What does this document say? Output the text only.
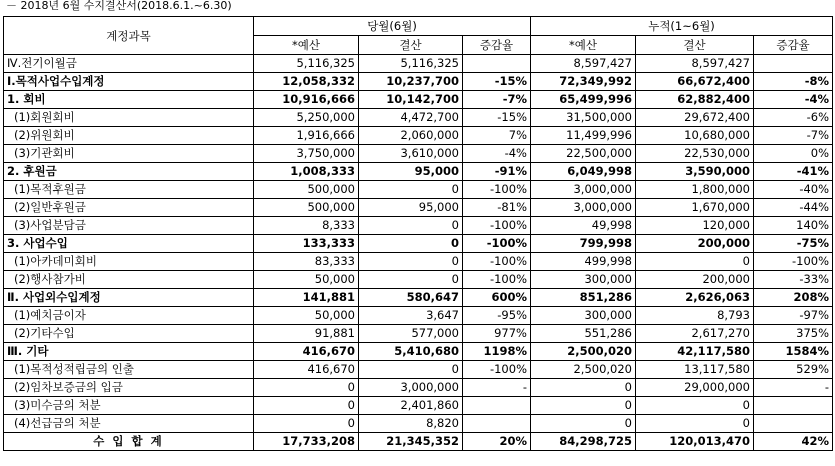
－ 2018년 6월 수지결산서(2018.6.1.~6.30)
계정과목	당월(6월)			누적(1~6월)		
	*예산	결산	증감율	*예산	결산	증감율
Ⅳ.전기이월금	5,116,325	5,116,325		8,597,427	8,597,427	
Ⅰ.목적사업수입계정	12,058,332	10,237,700	-15%	72,349,992	66,672,400	-8%
1. 회비	10,916,666	10,142,700	-7%	65,499,996	62,882,400	-4%
(1)회원회비	5,250,000	4,472,700	-15%	31,500,000	29,672,400	-6%
(2)위원회비	1,916,666	2,060,000	7%	11,499,996	10,680,000	-7%
(3)기관회비	3,750,000	3,610,000	-4%	22,500,000	22,530,000	0%
2. 후원금	1,008,333	95,000	-91%	6,049,998	3,590,000	-41%
(1)목적후원금	500,000	0	-100%	3,000,000	1,800,000	-40%
(2)일반후원금	500,000	95,000	-81%	3,000,000	1,670,000	-44%
(3)사업분담금	8,333	0	-100%	49,998	120,000	140%
3. 사업수입	133,333	0	-100%	799,998	200,000	-75%
(1)아카데미회비	83,333	0	-100%	499,998	0	-100%
(2)행사참가비	50,000	0	-100%	300,000	200,000	-33%
Ⅱ. 사업외수입계정	141,881	580,647	600%	851,286	2,626,063	208%
(1)예치금이자	50,000	3,647	-95%	300,000	8,793	-97%
(2)기타수입	91,881	577,000	977%	551,286	2,617,270	375%
Ⅲ. 기타	416,670	5,410,680	1198%	2,500,020	42,117,580	1584%
(1)목적성적립금의 인출	416,670	0	-100%	2,500,020	13,117,580	529%
(2)임차보증금의 입금	0	3,000,000	-	0	29,000,000	-
(3)미수금의 처분	0	2,401,860		0	0	
(4)선급금의 처분	0	8,820		0	0	
수 입 합 계	17,733,208	21,345,352	20%	84,298,725	120,013,470	42%
